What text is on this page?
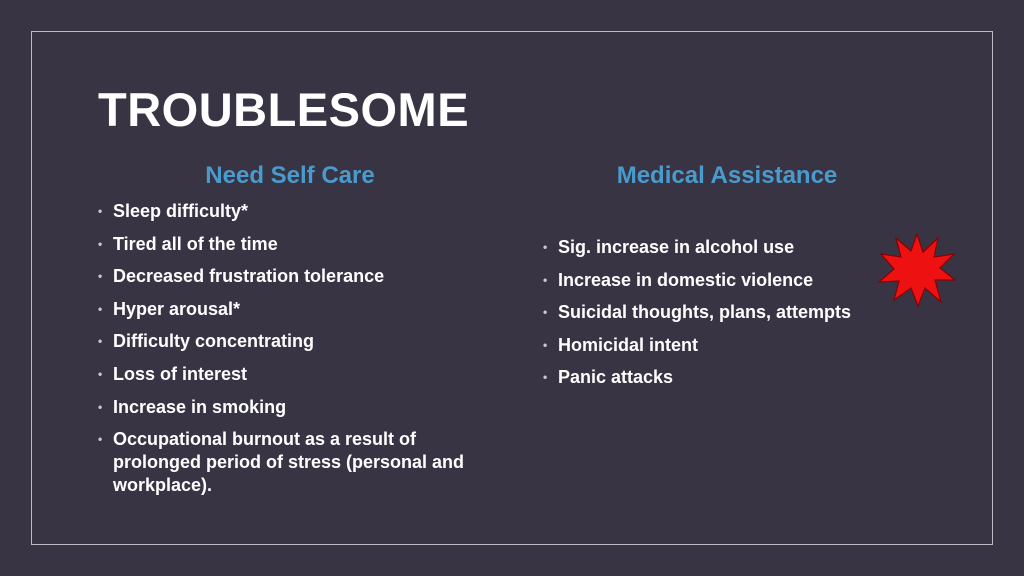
TROUBLESOME
Need Self Care	Medical Assistance
• Sleep difficulty*
• Tired all of the time
• Decreased frustration tolerance
• Hyper arousal*
• Difficulty concentrating
• Loss of interest
• Increase in smoking
• Occupational burnout as a result of prolonged period of stress (personal and workplace).
• Sig. increase in alcohol use
• Increase in domestic violence
• Suicidal thoughts, plans, attempts
• Homicidal intent
• Panic attacks
